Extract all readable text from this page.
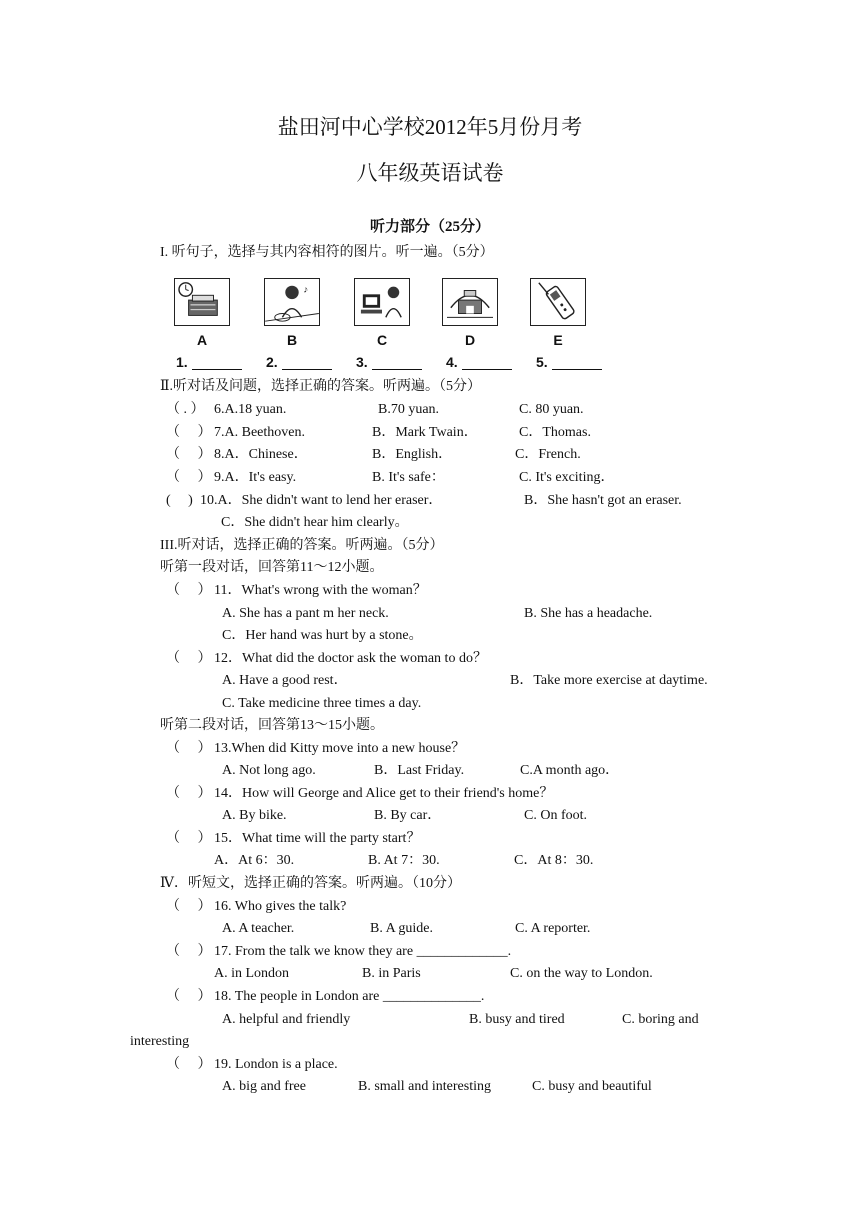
盐田河中心学校2012年5月份月考
八年级英语试卷
听力部分（25分）
I. 听句子，选择与其内容相符的图片。听一遍。（5分）
♪
A	B	C	D	E
1.	2.	3.	4.	5.
Ⅱ.听对话及问题，选择正确的答案。听两遍。（5分）
（ . ） 6.A.18 yuan.	B.70 yuan.	C. 80 yuan.
（　 ） 7.A. Beethoven.	B．Mark Twain．	C．Thomas.
（　 ） 8.A．Chinese．	B．English．	C．French.
（　 ） 9.A．It's easy.	B. It's safe：	C. It's exciting．
(　 ) 10.A．She didn't want to lend her eraser．	B．She hasn't got an eraser.
C．She didn't hear him clearly。
III.听对话，选择正确的答案。听两遍。（5分）
听第一段对话，回答第11～12小题。
（　 ） 11．What's wrong with the woman？
A. She has a pant m her neck.	B. She has a headache.
C．Her hand was hurt by a stone。
（　 ） 12．What did the doctor ask the woman to do？
A. Have a good rest．	B．Take more exercise at daytime.
C. Take medicine three times a day.
听第二段对话，回答第13～15小题。
（　 ） 13.When did Kitty move into a new house？
A. Not long ago.	B．Last Friday.	C.A month ago．
（　 ） 14．How will George and Alice get to their friend's home？
A. By bike.	B. By car．	C. On foot.
（　 ） 15．What time will the party start？
A．At 6：30.	B. At 7：30.	C．At 8：30.
Ⅳ．听短文，选择正确的答案。听两遍。（10分）
（　 ） 16. Who gives the talk?
A. A teacher.	B. A guide.	C. A reporter.
（　 ） 17. From the talk we know they are _____________.
A. in London	B. in Paris	C. on the way to London.
（　 ） 18. The people in London are ______________.
A. helpful and friendly	B. busy and tired	C. boring and
interesting
（　 ） 19. London is a place.
A. big and free	B. small and interesting	C. busy and beautiful
